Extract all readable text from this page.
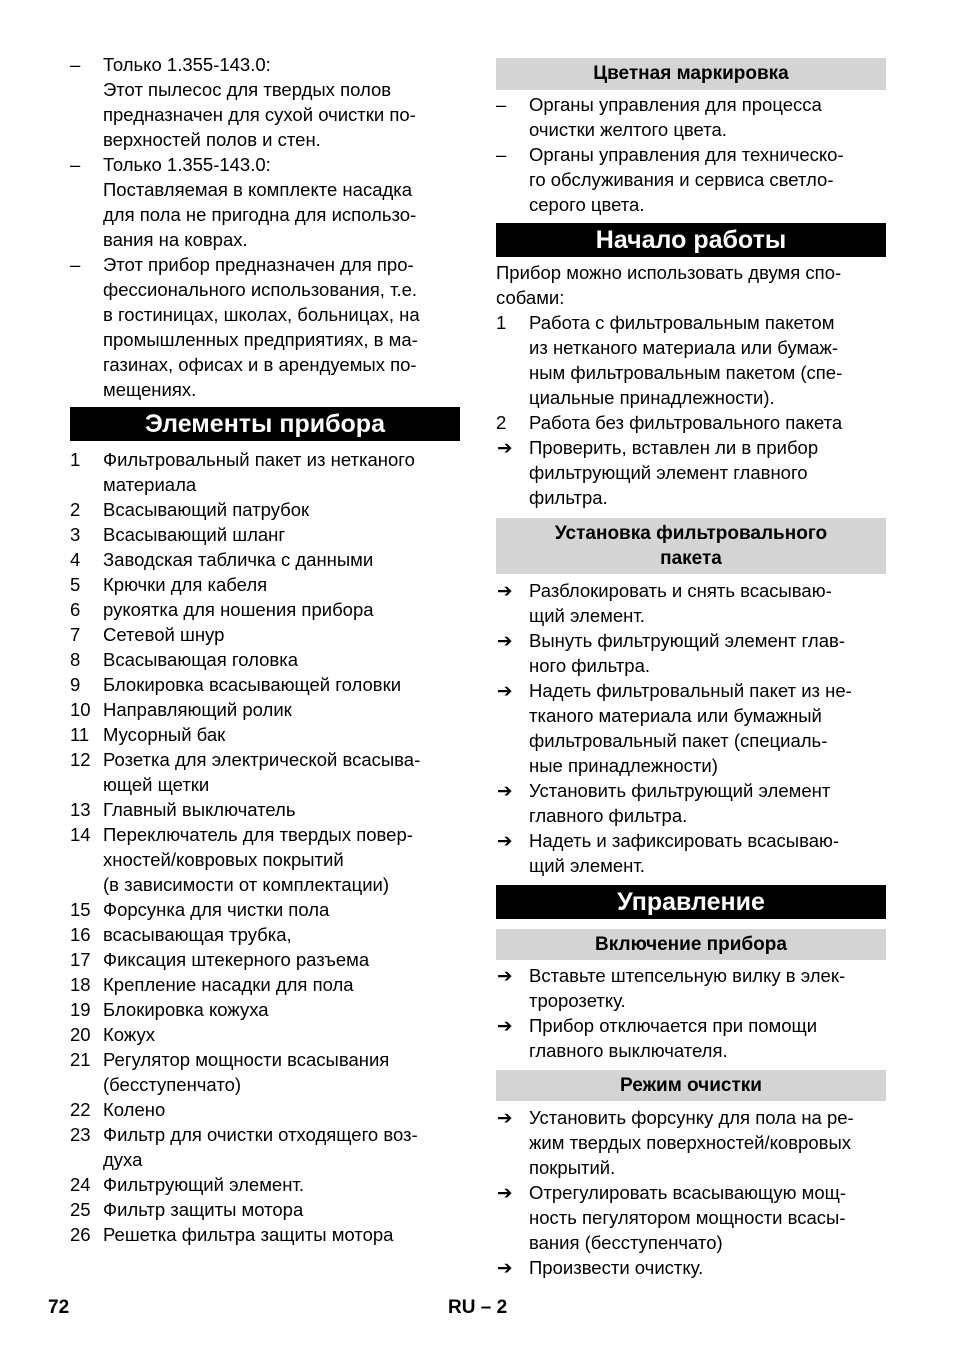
– Только 1.355-143.0:
Этот пылесос для твердых полов
предназначен для сухой очистки по-
верхностей полов и стен.
– Только 1.355-143.0:
Поставляемая в комплекте насадка
для пола не пригодна для использо-
вания на коврах.
– Этот прибор предназначен для про-
фессионального использования, т.е.
в гостиницах, школах, больницах, на
промышленных предприятиях, в ма-
газинах, офисах и в арендуемых по-
мещениях.
Элементы прибора
1 Фильтровальный пакет из нетканого
материала
2 Всасывающий патрубок
3 Всасывающий шланг
4 Заводская табличка с данными
5 Крючки для кабеля
6 рукоятка для ношения прибора
7 Сетевой шнур
8 Всасывающая головка
9 Блокировка всасывающей головки
10 Направляющий ролик
11 Мусорный бак
12 Розетка для электрической всасыва-
ющей щетки
13 Главный выключатель
14 Переключатель для твердых повер-
хностей/ковровых покрытий
(в зависимости от комплектации)
15 Форсунка для чистки пола
16 всасывающая трубка,
17 Фиксация штекерного разъема
18 Крепление насадки для пола
19 Блокировка кожуха
20 Кожух
21 Регулятор мощности всасывания
(бесступенчато)
22 Колено
23 Фильтр для очистки отходящего воз-
духа
24 Фильтрующий элемент.
25 Фильтр защиты мотора
26 Решетка фильтра защиты мотора
Цветная маркировка
– Органы управления для процесса
очистки желтого цвета.
– Органы управления для техническо-
го обслуживания и сервиса светло-
серого цвета.
Начало работы
Прибор можно использовать двумя спо-
собами:
1 Работа с фильтровальным пакетом
из нетканого материала или бумаж-
ным фильтровальным пакетом (спе-
циальные принадлежности).
2 Работа без фильтровального пакета
➔ Проверить, вставлен ли в прибор
фильтрующий элемент главного
фильтра.
Установка фильтровального
пакета
➔ Разблокировать и снять всасываю-
щий элемент.
➔ Вынуть фильтрующий элемент глав-
ного фильтра.
➔ Надеть фильтровальный пакет из не-
тканого материала или бумажный
фильтровальный пакет (специаль-
ные принадлежности)
➔ Установить фильтрующий элемент
главного фильтра.
➔ Надеть и зафиксировать всасываю-
щий элемент.
Управление
Включение прибора
➔ Вставьте штепсельную вилку в элек-
тророзетку.
➔ Прибор отключается при помощи
главного выключателя.
Режим очистки
➔ Установить форсунку для пола на ре-
жим твердых поверхностей/ковровых
покрытий.
➔ Отрегулировать всасывающую мощ-
ность пегулятором мощности всасы-
вания (бесступенчато)
➔ Произвести очистку.
72	RU – 2
